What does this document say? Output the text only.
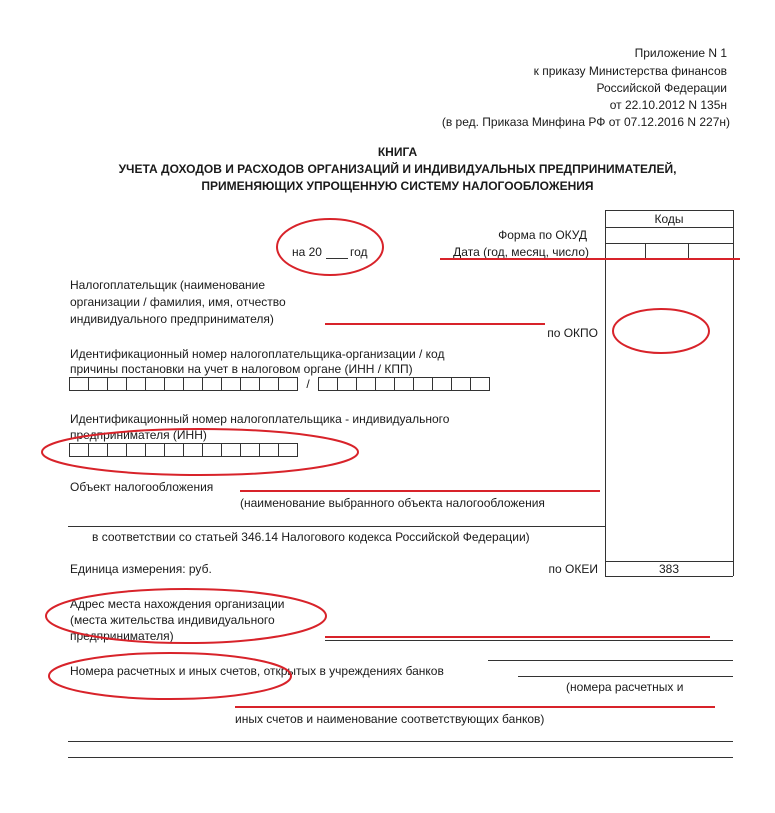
Приложение N 1
к приказу Министерства финансов
Российской Федерации
от 22.10.2012 N 135н
(в ред. Приказа Минфина РФ от 07.12.2016 N 227н)
КНИГА
УЧЕТА ДОХОДОВ И РАСХОДОВ ОРГАНИЗАЦИЙ И ИНДИВИДУАЛЬНЫХ ПРЕДПРИНИМАТЕЛЕЙ,
ПРИМЕНЯЮЩИХ УПРОЩЕННУЮ СИСТЕМУ НАЛОГООБЛОЖЕНИЯ
Коды
383
Форма по ОКУД
Дата (год, месяц, число)
по ОКПО
по ОКЕИ
на 20 год
Налогоплательщик (наименование
организации / фамилия, имя, отчество
индивидуального предпринимателя)
Идентификационный номер налогоплательщика-организации / код
причины постановки на учет в налоговом органе (ИНН / КПП)
/
Идентификационный номер налогоплательщика - индивидуального
предпринимателя (ИНН)
Объект налогообложения
(наименование выбранного объекта налогообложения
в соответствии со статьей 346.14 Налогового кодекса Российской Федерации)
Единица измерения: руб.
Адрес места нахождения организации
(места жительства индивидуального
предпринимателя)
Номера расчетных и иных счетов, открытых в учреждениях банков
(номера расчетных и
иных счетов и наименование соответствующих банков)
